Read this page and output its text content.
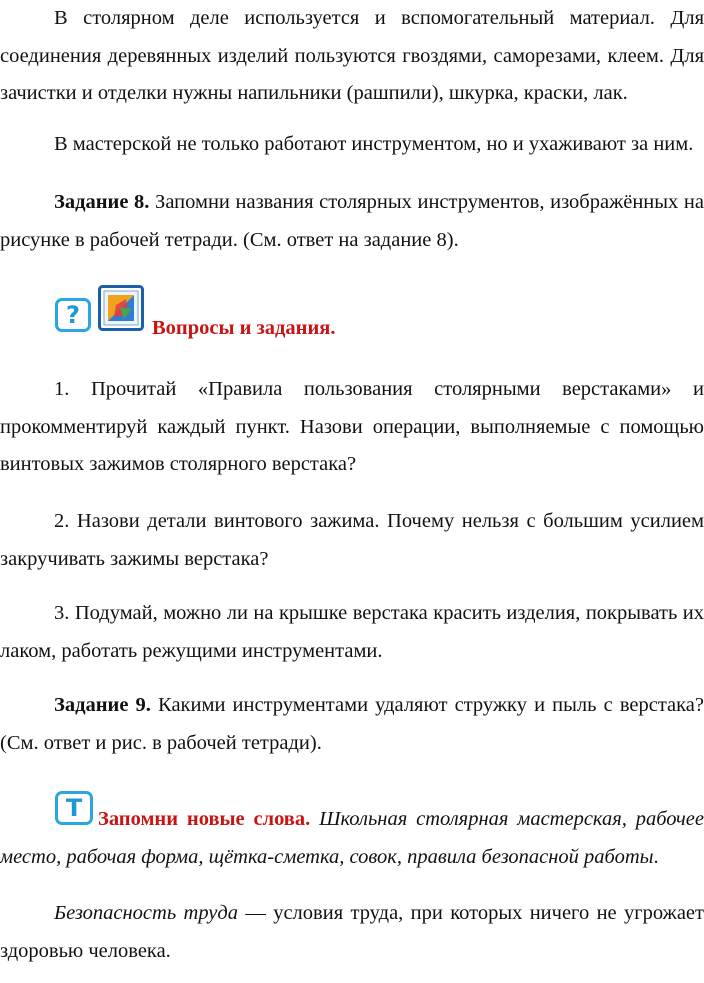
В столярном деле используется и вспомогательный материал. Для соединения деревянных изделий пользуются гвоздями, саморезами, клеем. Для зачистки и отделки нужны напильники (рашпили), шкурка, краски, лак.

В мастерской не только работают инструментом, но и ухаживают за ним.

Задание 8. Запомни названия столярных инструментов, изображённых на рисунке в рабочей тетради. (См. ответ на задание 8).

?	Вопросы и задания.

1. Прочитай «Правила пользования столярными верстаками» и прокомментируй каждый пункт. Назови операции, выполняемые с помощью винтовых зажимов столярного верстака?

2. Назови детали винтового зажима. Почему нельзя с большим усилием закручивать зажимы верстака?

3. Подумай, можно ли на крышке верстака красить изделия, покрывать их лаком, работать режущими инструментами.

Задание 9. Какими инструментами удаляют стружку и пыль с верстака? (См. ответ и рис. в рабочей тетради).

T Запомни новые слова. Школьная столярная мастерская, рабочее место, рабочая форма, щётка-сметка, совок, правила безопасной работы.

Безопасность труда — условия труда, при которых ничего не угрожает здоровью человека.
